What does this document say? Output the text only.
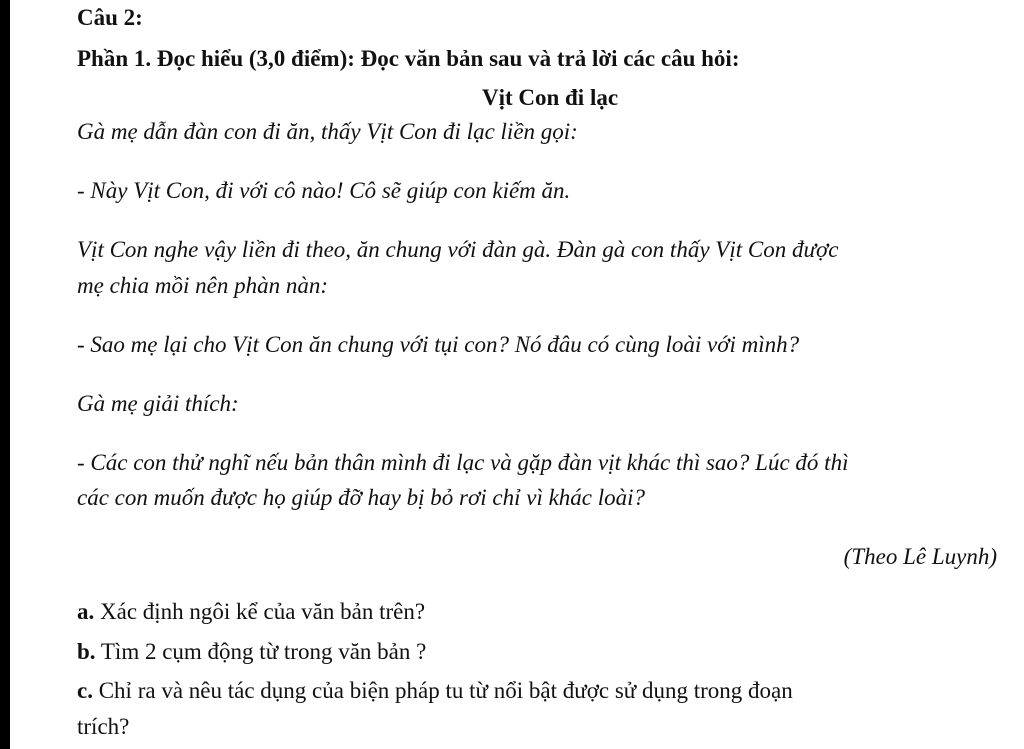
Câu 2:
Phần 1. Đọc hiểu (3,0 điểm): Đọc văn bản sau và trả lời các câu hỏi:
Vịt Con đi lạc
Gà mẹ dẫn đàn con đi ăn, thấy Vịt Con đi lạc liền gọi:
- Này Vịt Con, đi với cô nào! Cô sẽ giúp con kiếm ăn.
Vịt Con nghe vậy liền đi theo, ăn chung với đàn gà. Đàn gà con thấy Vịt Con được
mẹ chia mồi nên phàn nàn:
- Sao mẹ lại cho Vịt Con ăn chung với tụi con? Nó đâu có cùng loài với mình?
Gà mẹ giải thích:
- Các con thử nghĩ nếu bản thân mình đi lạc và gặp đàn vịt khác thì sao? Lúc đó thì
các con muốn được họ giúp đỡ hay bị bỏ rơi chỉ vì khác loài?
(Theo Lê Luynh)
a. Xác định ngôi kể của văn bản trên?
b. Tìm 2 cụm động từ trong văn bản ?
c. Chỉ ra và nêu tác dụng của biện pháp tu từ nổi bật được sử dụng trong đoạn
trích?
